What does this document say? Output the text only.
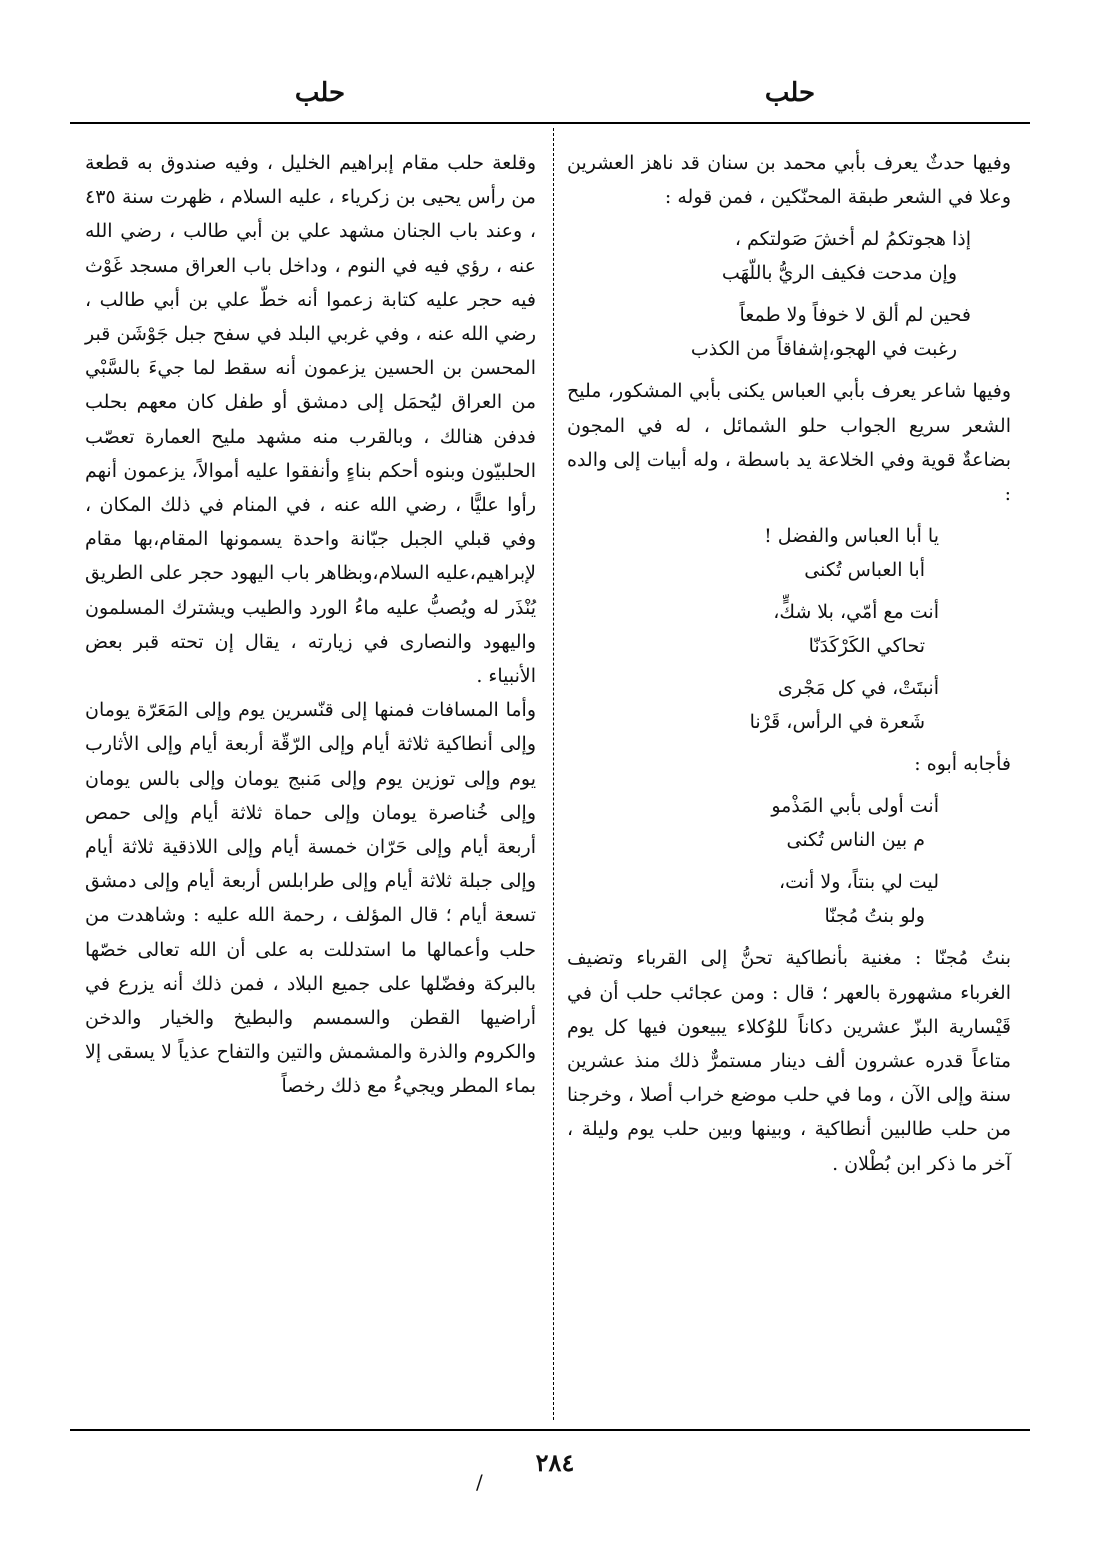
حلب
حلب

وفيها حدثٌ يعرف بأبي محمد بن سنان قد ناهز العشرين وعلا في الشعر طبقة المحنّكين ، فمن قوله :

إذا هجوتكمُ لم أخشَ صَولتكم ،
وإن مدحت فكيف الريُّ باللّهَب
فحين لم ألق لا خوفاً ولا طمعاً
رغبت في الهجو،إشفاقاً من الكذب

وفيها شاعر يعرف بأبي العباس يكنى بأبي المشكور، مليح الشعر سريع الجواب حلو الشمائل ، له في المجون بضاعةٌ قوية وفي الخلاعة يد باسطة ، وله أبيات إلى والده :

يا أبا العباس والفضل !
أبا العباس تُكنى
أنت مع أمّي، بلا شكٍّ،
تحاكي الكَرْكَدَنّا
أنبتَتْ، في كل مَجْرى
شَعرة في الرأس، قَرْنا

فأجابه أبوه :

أنت أولى بأبي المَذْمو
م بين الناس تُكنى
ليت لي بنتاً، ولا أنت،
ولو بنتُ مُجنّا

بنتُ مُجنّا : مغنية بأنطاكية تحنُّ إلى القرباء وتضيف الغرباء مشهورة بالعهر ؛ قال : ومن عجائب حلب أن في قَيْسارية البزّ عشرين دكاناً للوُكلاء يبيعون فيها كل يوم متاعاً قدره عشرون ألف دينار مستمرٌّ ذلك منذ عشرين سنة وإلى الآن ، وما في حلب موضع خراب أصلا ، وخرجنا من حلب طالبين أنطاكية ، وبينها وبين حلب يوم وليلة ، آخر ما ذكر ابن بُطْلان .

وقلعة حلب مقام إبراهيم الخليل ، وفيه صندوق به قطعة من رأس يحيى بن زكرياء ، عليه السلام ، ظهرت سنة ٤٣٥ ، وعند باب الجنان مشهد علي بن أبي طالب ، رضي الله عنه ، رؤي فيه في النوم ، وداخل باب العراق مسجد غَوْث فيه حجر عليه كتابة زعموا أنه خطّ علي بن أبي طالب ، رضي الله عنه ، وفي غربي البلد في سفح جبل جَوْشَن قبر المحسن بن الحسين يزعمون أنه سقط لما جيءَ بالسَّبْي من العراق ليُحمَل إلى دمشق أو طفل كان معهم بحلب فدفن هنالك ، وبالقرب منه مشهد مليح العمارة تعصّب الحلبيّون وبنوه أحكم بناءٍ وأنفقوا عليه أموالاً، يزعمون أنهم رأوا عليًّا ، رضي الله عنه ، في المنام في ذلك المكان ، وفي قبلي الجبل جبّانة واحدة يسمونها المقام،بها مقام لإبراهيم،عليه السلام،وبظاهر باب اليهود حجر على الطريق يُنْذَر له ويُصبُّ عليه ماءُ الورد والطيب ويشترك المسلمون واليهود والنصارى في زيارته ، يقال إن تحته قبر بعض الأنبياء .

وأما المسافات فمنها إلى قنّسرين يوم وإلى المَعَرّة يومان وإلى أنطاكية ثلاثة أيام وإلى الرّقّة أربعة أيام وإلى الأثارب يوم وإلى توزين يوم وإلى مَنبج يومان وإلى بالس يومان وإلى خُناصرة يومان وإلى حماة ثلاثة أيام وإلى حمص أربعة أيام وإلى حَرّان خمسة أيام وإلى اللاذقية ثلاثة أيام وإلى جبلة ثلاثة أيام وإلى طرابلس أربعة أيام وإلى دمشق تسعة أيام ؛ قال المؤلف ، رحمة الله عليه : وشاهدت من حلب وأعمالها ما استدللت به على أن الله تعالى خصّها بالبركة وفضّلها على جميع البلاد ، فمن ذلك أنه يزرع في أراضيها القطن والسمسم والبطيخ والخيار والدخن والكروم والذرة والمشمش والتين والتفاح عذياً لا يسقى إلا بماء المطر ويجيءُ مع ذلك رخصاً

٢٨٤
/
